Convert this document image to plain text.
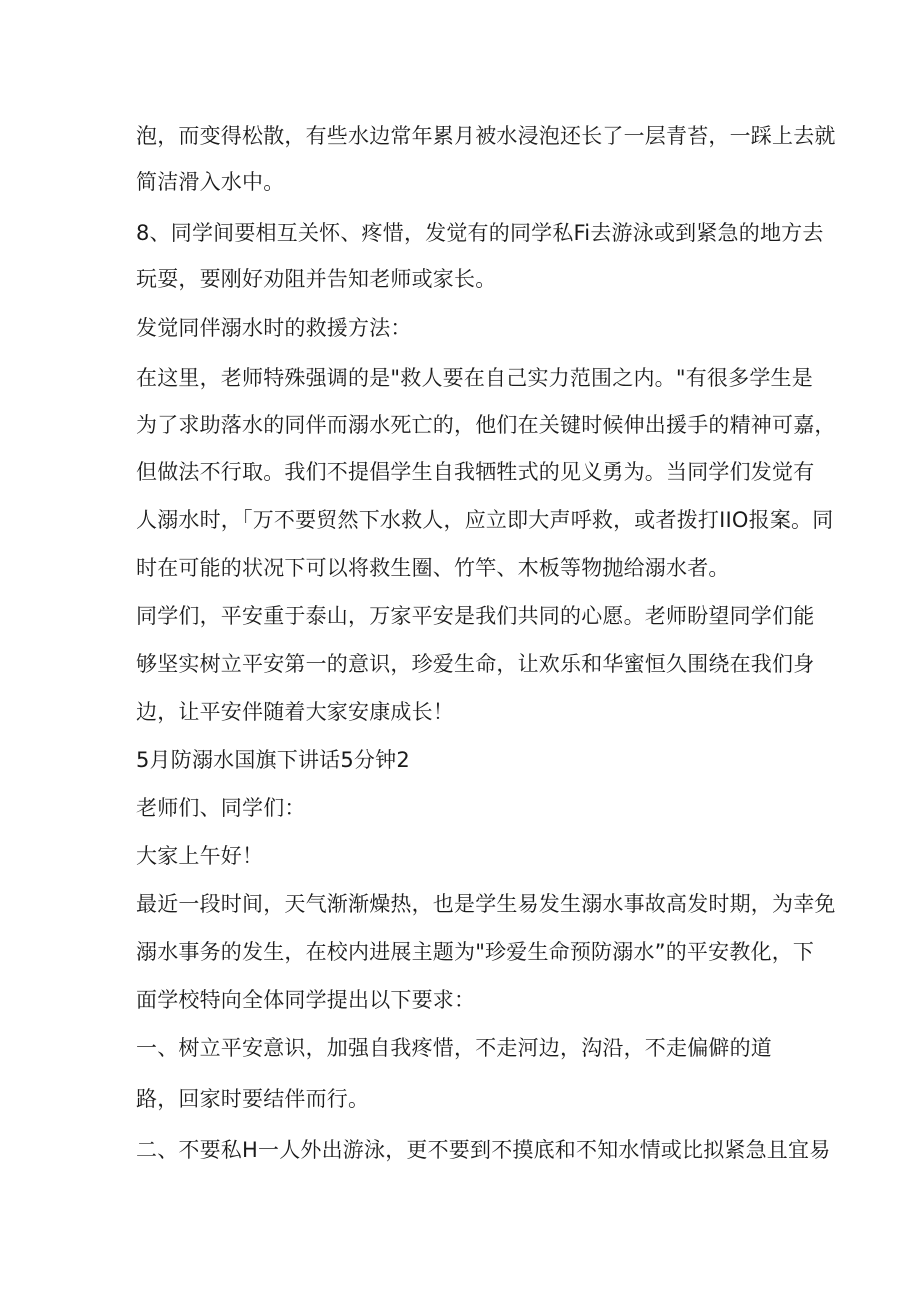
泡，而变得松散，有些水边常年累月被水浸泡还长了一层青苔，一踩上去就
简洁滑入水中。
8、同学间要相互关怀、疼惜，发觉有的同学私Fi去游泳或到紧急的地方去
玩耍，要刚好劝阻并告知老师或家长。
发觉同伴溺水时的救援方法：
在这里，老师特殊强调的是"救人要在自己实力范围之内。"有很多学生是
为了求助落水的同伴而溺水死亡的，他们在关键时候伸出援手的精神可嘉，
但做法不行取。我们不提倡学生自我牺牲式的见义勇为。当同学们发觉有
人溺水时，「万不要贸然下水救人，应立即大声呼救，或者拨打IIO报案。同
时在可能的状况下可以将救生圈、竹竿、木板等物抛给溺水者。
同学们，平安重于泰山，万家平安是我们共同的心愿。老师盼望同学们能
够坚实树立平安第一的意识，珍爱生命，让欢乐和华蜜恒久围绕在我们身
边，让平安伴随着大家安康成长！
5月防溺水国旗下讲话5分钟2
老师们、同学们：
大家上午好！
最近一段时间，天气渐渐燥热，也是学生易发生溺水事故高发时期，为幸免
溺水事务的发生，在校内进展主题为"珍爱生命预防溺水”的平安教化，下
面学校特向全体同学提出以下要求：
一、树立平安意识，加强自我疼惜，不走河边，沟沿，不走偏僻的道
路，回家时要结伴而行。
二、不要私H一人外出游泳，更不要到不摸底和不知水情或比拟紧急且宜易
